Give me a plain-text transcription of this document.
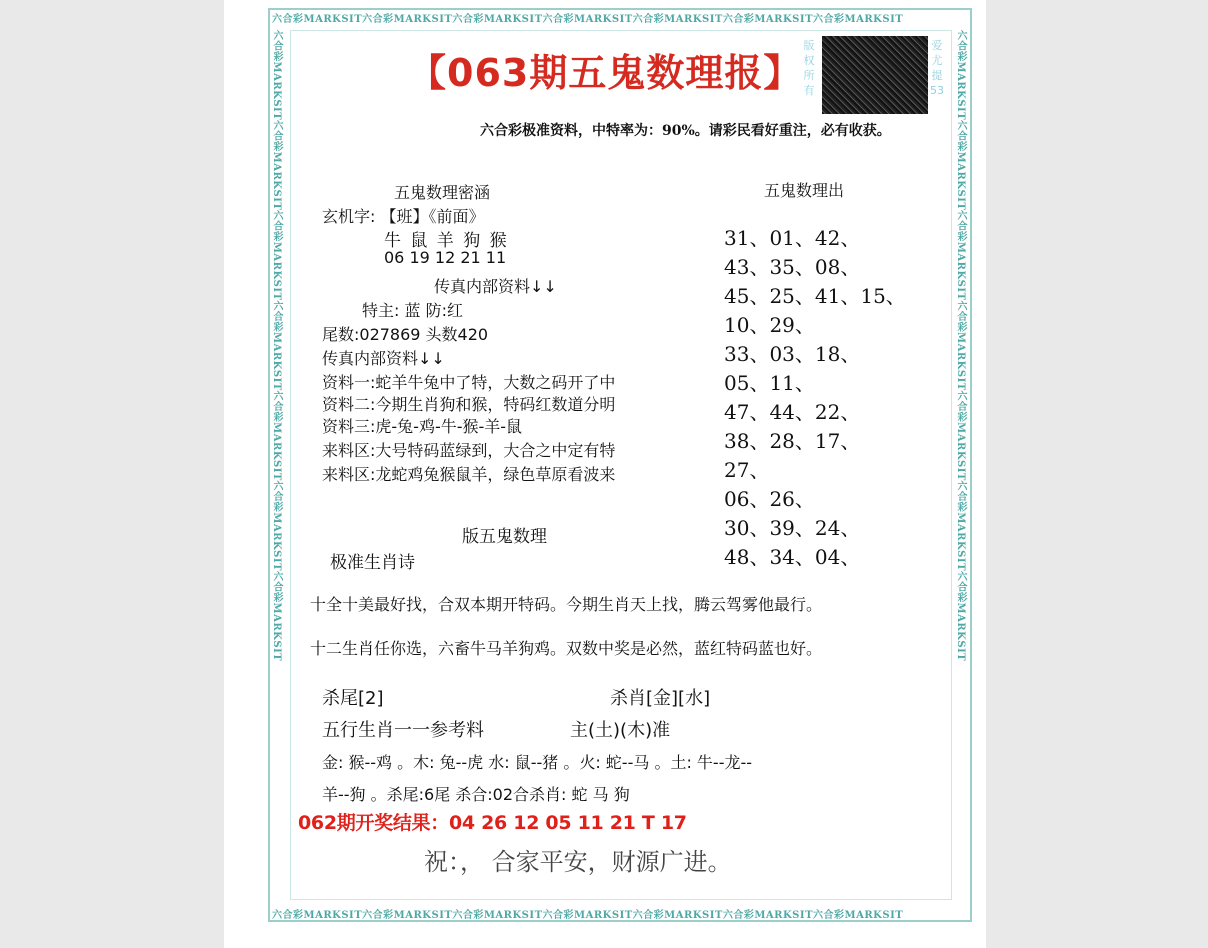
六合彩MARKSIT六合彩MARKSIT六合彩MARKSIT六合彩MARKSIT六合彩MARKSIT六合彩MARKSIT六合彩MARKSIT
六合彩MARKSIT六合彩MARKSIT六合彩MARKSIT六合彩MARKSIT六合彩MARKSIT六合彩MARKSIT六合彩MARKSIT
六合彩MARKSIT六合彩MARKSIT六合彩MARKSIT六合彩MARKSIT六合彩MARKSIT六合彩MARKSIT六合彩MARKSIT	六合彩MARKSIT六合彩MARKSIT六合彩MARKSIT六合彩MARKSIT六合彩MARKSIT六合彩MARKSIT六合彩MARKSIT
【063期五鬼数理报】
版权所有
爱尤提53
六合彩极准资料，中特率为：90%。请彩民看好重注，必有收获。
五鬼数理密涵
玄机字: 【班】《前面》
牛 鼠 羊 狗 猴
06 19 12 21 11
传真内部资料↓↓
特主: 蓝 防:红
尾数:027869 头数420
传真内部资料↓↓
资料一:蛇羊牛兔中了特，大数之码开了中
资料二:今期生肖狗和猴，特码红数道分明
资料三:虎-兔-鸡-牛-猴-羊-鼠
来料区:大号特码蓝绿到，大合之中定有特
来料区:龙蛇鸡兔猴鼠羊，绿色草原看波来
版五鬼数理
极准生肖诗
五鬼数理出
31、01、42、
43、35、08、
45、25、41、15、
10、29、
33、03、18、
05、11、
47、44、22、
38、28、17、
27、
06、26、
30、39、24、
48、34、04、
十全十美最好找，合双本期开特码。今期生肖天上找，腾云驾雾他最行。
十二生肖任你选，六畜牛马羊狗鸡。双数中奖是必然，蓝红特码蓝也好。
杀尾[2]	杀肖[金][水]
五行生肖一一参考料	主(土)(木)准
金: 猴--鸡 。木: 兔--虎 水: 鼠--猪 。火: 蛇--马 。土: 牛--龙--
羊--狗 。杀尾:6尾 杀合:02合杀肖: 蛇 马 狗
062期开奖结果：04 26 12 05 11 21 T 17
祝：， 合家平安，财源广进。
